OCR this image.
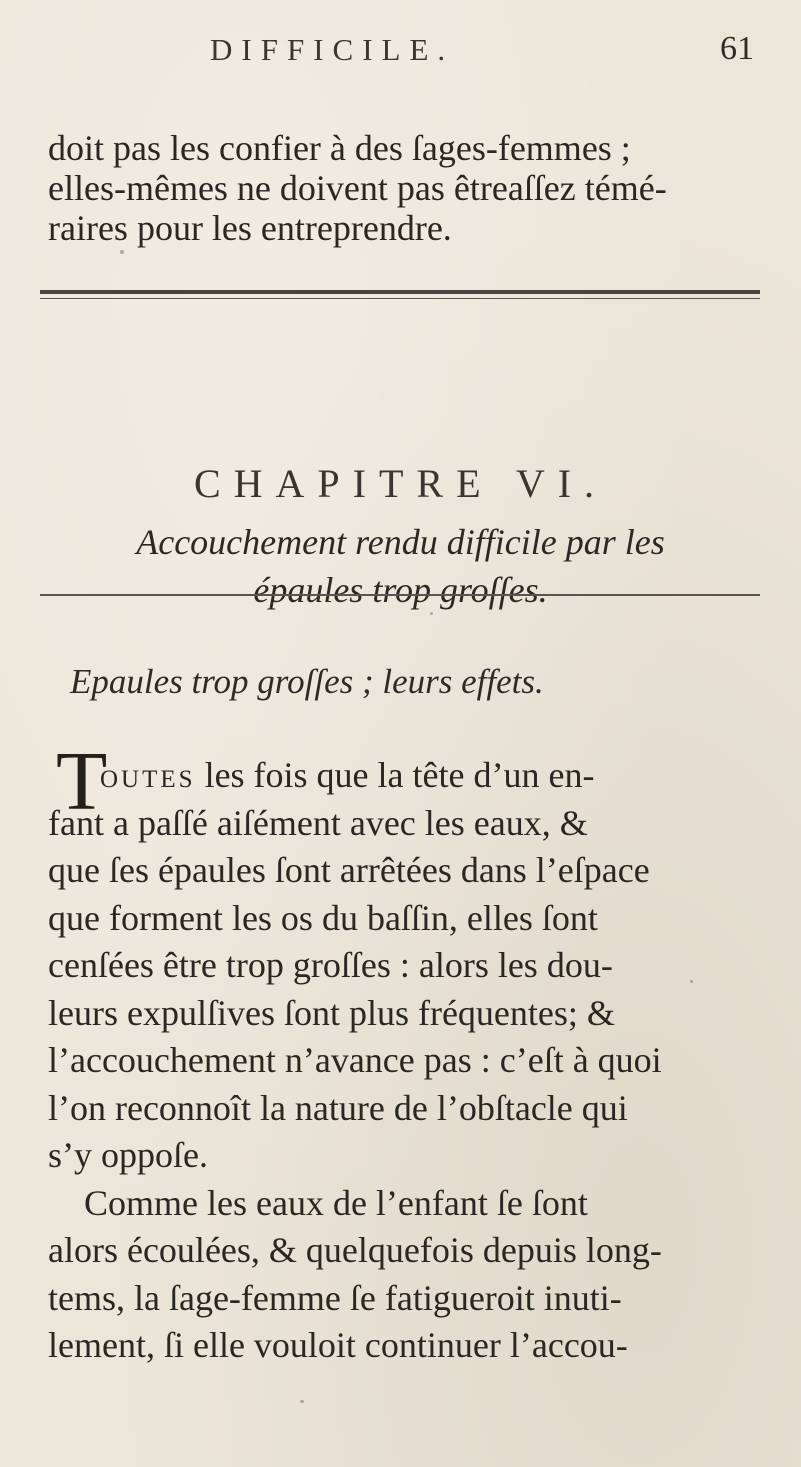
DIFFICILE.	61
doit pas les confier à des ſages-femmes ;
elles-mêmes ne doivent pas êtreaſſez témé-
raires pour les entreprendre.
CHAPITRE VI.
Accouchement rendu difficile par les
épaules trop groſſes.
Epaules trop groſſes ; leurs effets.
T
outes les fois que la tête d’un en-
fant a paſſé aiſément avec les eaux, &
que ſes épaules ſont arrêtées dans l’eſpace
que forment les os du baſſin, elles ſont
cenſées être trop groſſes : alors les dou-
leurs expulſives ſont plus fréquentes; &
l’accouchement n’avance pas : c’eſt à quoi
l’on reconnoît la nature de l’obſtacle qui
s’y oppoſe.
Comme les eaux de l’enfant ſe ſont
alors écoulées, & quelquefois depuis long-
tems, la ſage-femme ſe fatigueroit inuti-
lement, ſi elle vouloit continuer l’accou-
